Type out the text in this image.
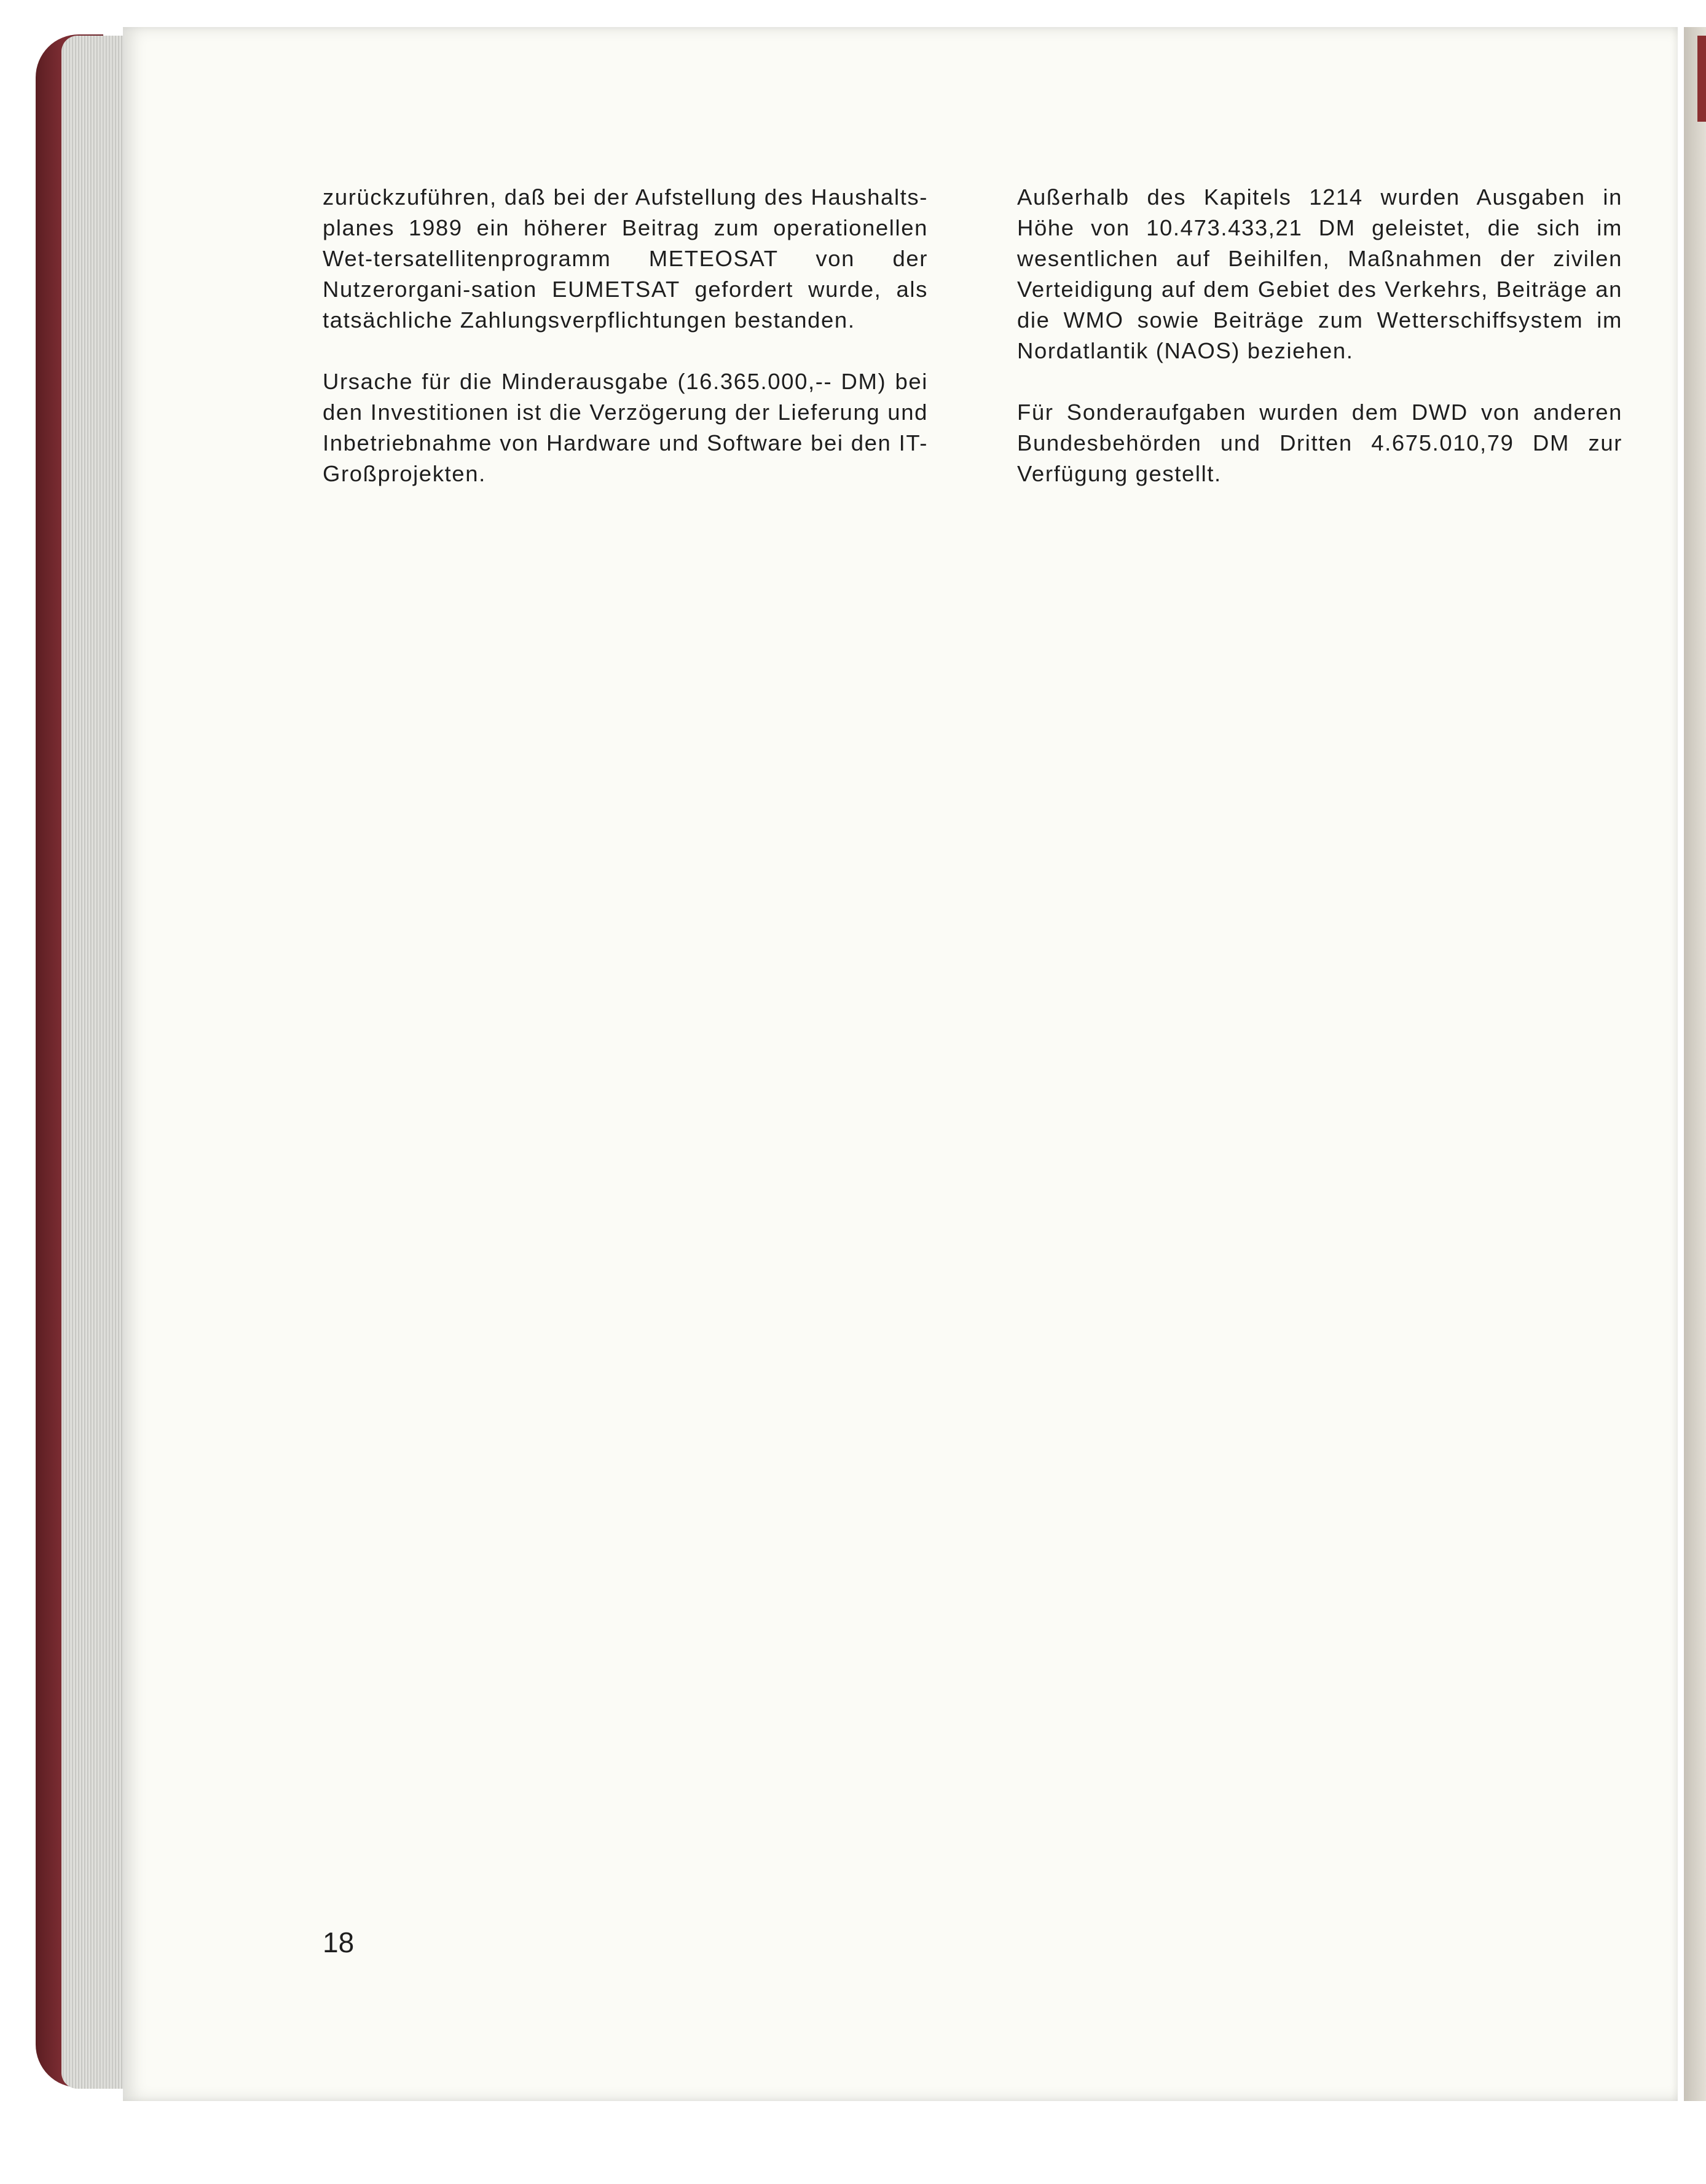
zurückzuführen, daß bei der Aufstellung des Haushalts-planes 1989 ein höherer Beitrag zum operationellen Wet-tersatellitenprogramm METEOSAT von der Nutzerorgani-sation EUMETSAT gefordert wurde, als tatsächliche Zahlungsverpflichtungen bestanden.

Ursache für die Minderausgabe (16.365.000,-- DM) bei den Investitionen ist die Verzögerung der Lieferung und Inbetriebnahme von Hardware und Software bei den IT-Großprojekten.

Außerhalb des Kapitels 1214 wurden Ausgaben in Höhe von 10.473.433,21 DM geleistet, die sich im wesentlichen auf Beihilfen, Maßnahmen der zivilen Verteidigung auf dem Gebiet des Verkehrs, Beiträge an die WMO sowie Beiträge zum Wetterschiffsystem im Nordatlantik (NAOS) beziehen.

Für Sonderaufgaben wurden dem DWD von anderen Bundesbehörden und Dritten 4.675.010,79 DM zur Verfügung gestellt.

18
